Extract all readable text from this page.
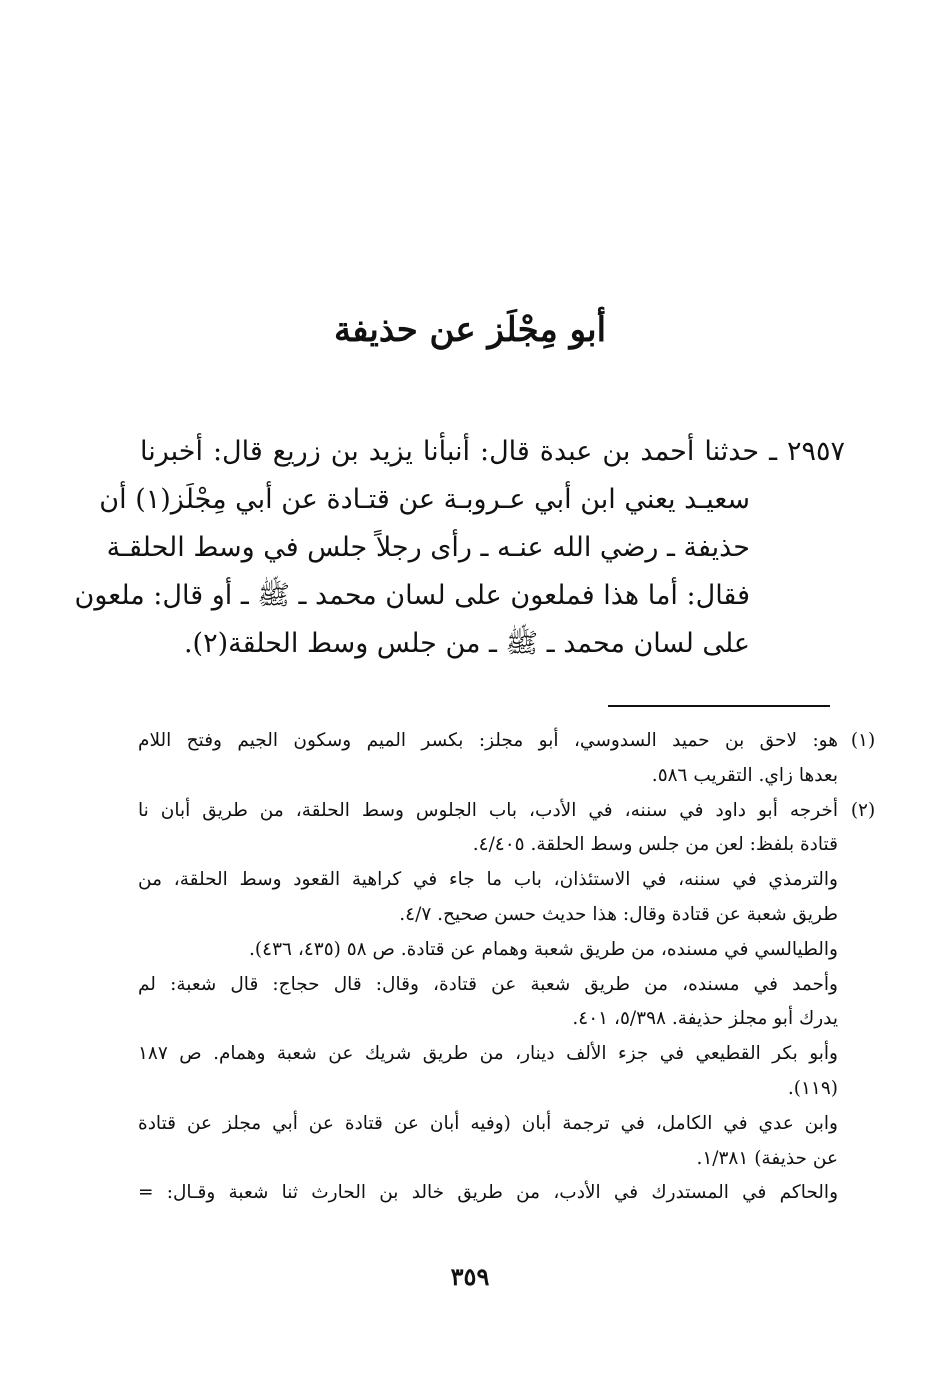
أبو مِجْلَز عن حذيفة
٢٩٥٧ ـ حدثنا أحمد بن عبدة قال: أنبأنا يزيد بن زريع قال: أخبرنا
سعيـد يعني ابن أبي عـروبـة عن قتـادة عن أبي مِجْلَز(١) أن
حذيفة ـ رضي الله عنـه ـ رأى رجلاً جلس في وسط الحلقـة
فقال: أما هذا فملعون على لسان محمد ـ ﷺ ـ أو قال: ملعون
على لسان محمد ـ ﷺ ـ من جلس وسط الحلقة(٢).
(١)
هو: لاحق بن حميد السدوسي، أبو مجلز: بكسر الميم وسكون الجيم وفتح اللام
بعدها زاي. التقريب ٥٨٦.
(٢)
أخرجه أبو داود في سننه، في الأدب، باب الجلوس وسط الحلقة، من طريق أبان نا
قتادة بلفظ: لعن من جلس وسط الحلقة. ٤/٤٠٥.
والترمذي في سننه، في الاستئذان، باب ما جاء في كراهية القعود وسط الحلقة، من
طريق شعبة عن قتادة وقال: هذا حديث حسن صحيح. ٤/٧.
والطيالسي في مسنده، من طريق شعبة وهمام عن قتادة. ص ٥٨ (٤٣٥، ٤٣٦).
وأحمد في مسنده، من طريق شعبة عن قتادة، وقال: قال حجاج: قال شعبة: لم
يدرك أبو مجلز حذيفة. ٥/٣٩٨، ٤٠١.
وأبو بكر القطيعي في جزء الألف دينار، من طريق شريك عن شعبة وهمام. ص ١٨٧
(١١٩).
وابن عدي في الكامل، في ترجمة أبان (وفيه أبان عن قتادة عن أبي مجلز عن قتادة
عن حذيفة) ١/٣٨١.
والحاكم في المستدرك في الأدب، من طريق خالد بن الحارث ثنا شعبة وقـال: =
٣٥٩
